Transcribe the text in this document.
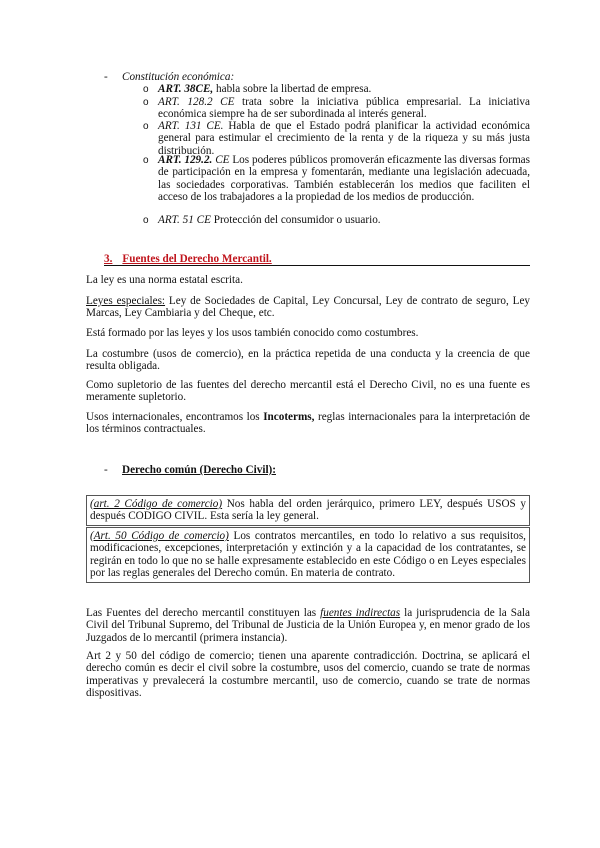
- Constitución económica:
o ART. 38CE, habla sobre la libertad de empresa.
o ART. 128.2 CE trata sobre la iniciativa pública empresarial. La iniciativa económica siempre ha de ser subordinada al interés general.
o ART. 131 CE. Habla de que el Estado podrá planificar la actividad económica general para estimular el crecimiento de la renta y de la riqueza y su más justa distribución.
o ART. 129.2. CE Los poderes públicos promoverán eficazmente las diversas formas de participación en la empresa y fomentarán, mediante una legislación adecuada, las sociedades corporativas. También establecerán los medios que faciliten el acceso de los trabajadores a la propiedad de los medios de producción.
o ART. 51 CE Protección del consumidor o usuario.
3. Fuentes del Derecho Mercantil.
La ley es una norma estatal escrita.
Leyes especiales: Ley de Sociedades de Capital, Ley Concursal, Ley de contrato de seguro, Ley Marcas, Ley Cambiaria y del Cheque, etc.
Está formado por las leyes y los usos también conocido como costumbres.
La costumbre (usos de comercio), en la práctica repetida de una conducta y la creencia de que resulta obligada.
Como supletorio de las fuentes del derecho mercantil está el Derecho Civil, no es una fuente es meramente supletorio.
Usos internacionales, encontramos los Incoterms, reglas internacionales para la interpretación de los términos contractuales.
- Derecho común (Derecho Civil):
(art. 2 Código de comercio) Nos habla del orden jerárquico, primero LEY, después USOS y después CODIGO CIVIL. Esta sería la ley general.
(Art. 50 Código de comercio) Los contratos mercantiles, en todo lo relativo a sus requisitos, modificaciones, excepciones, interpretación y extinción y a la capacidad de los contratantes, se regirán en todo lo que no se halle expresamente establecido en este Código o en Leyes especiales por las reglas generales del Derecho común. En materia de contrato.
Las Fuentes del derecho mercantil constituyen las fuentes indirectas la jurisprudencia de la Sala Civil del Tribunal Supremo, del Tribunal de Justicia de la Unión Europea y, en menor grado de los Juzgados de lo mercantil (primera instancia).
Art 2 y 50 del código de comercio; tienen una aparente contradicción. Doctrina, se aplicará el derecho común es decir el civil sobre la costumbre, usos del comercio, cuando se trate de normas imperativas y prevalecerá la costumbre mercantil, uso de comercio, cuando se trate de normas dispositivas.
